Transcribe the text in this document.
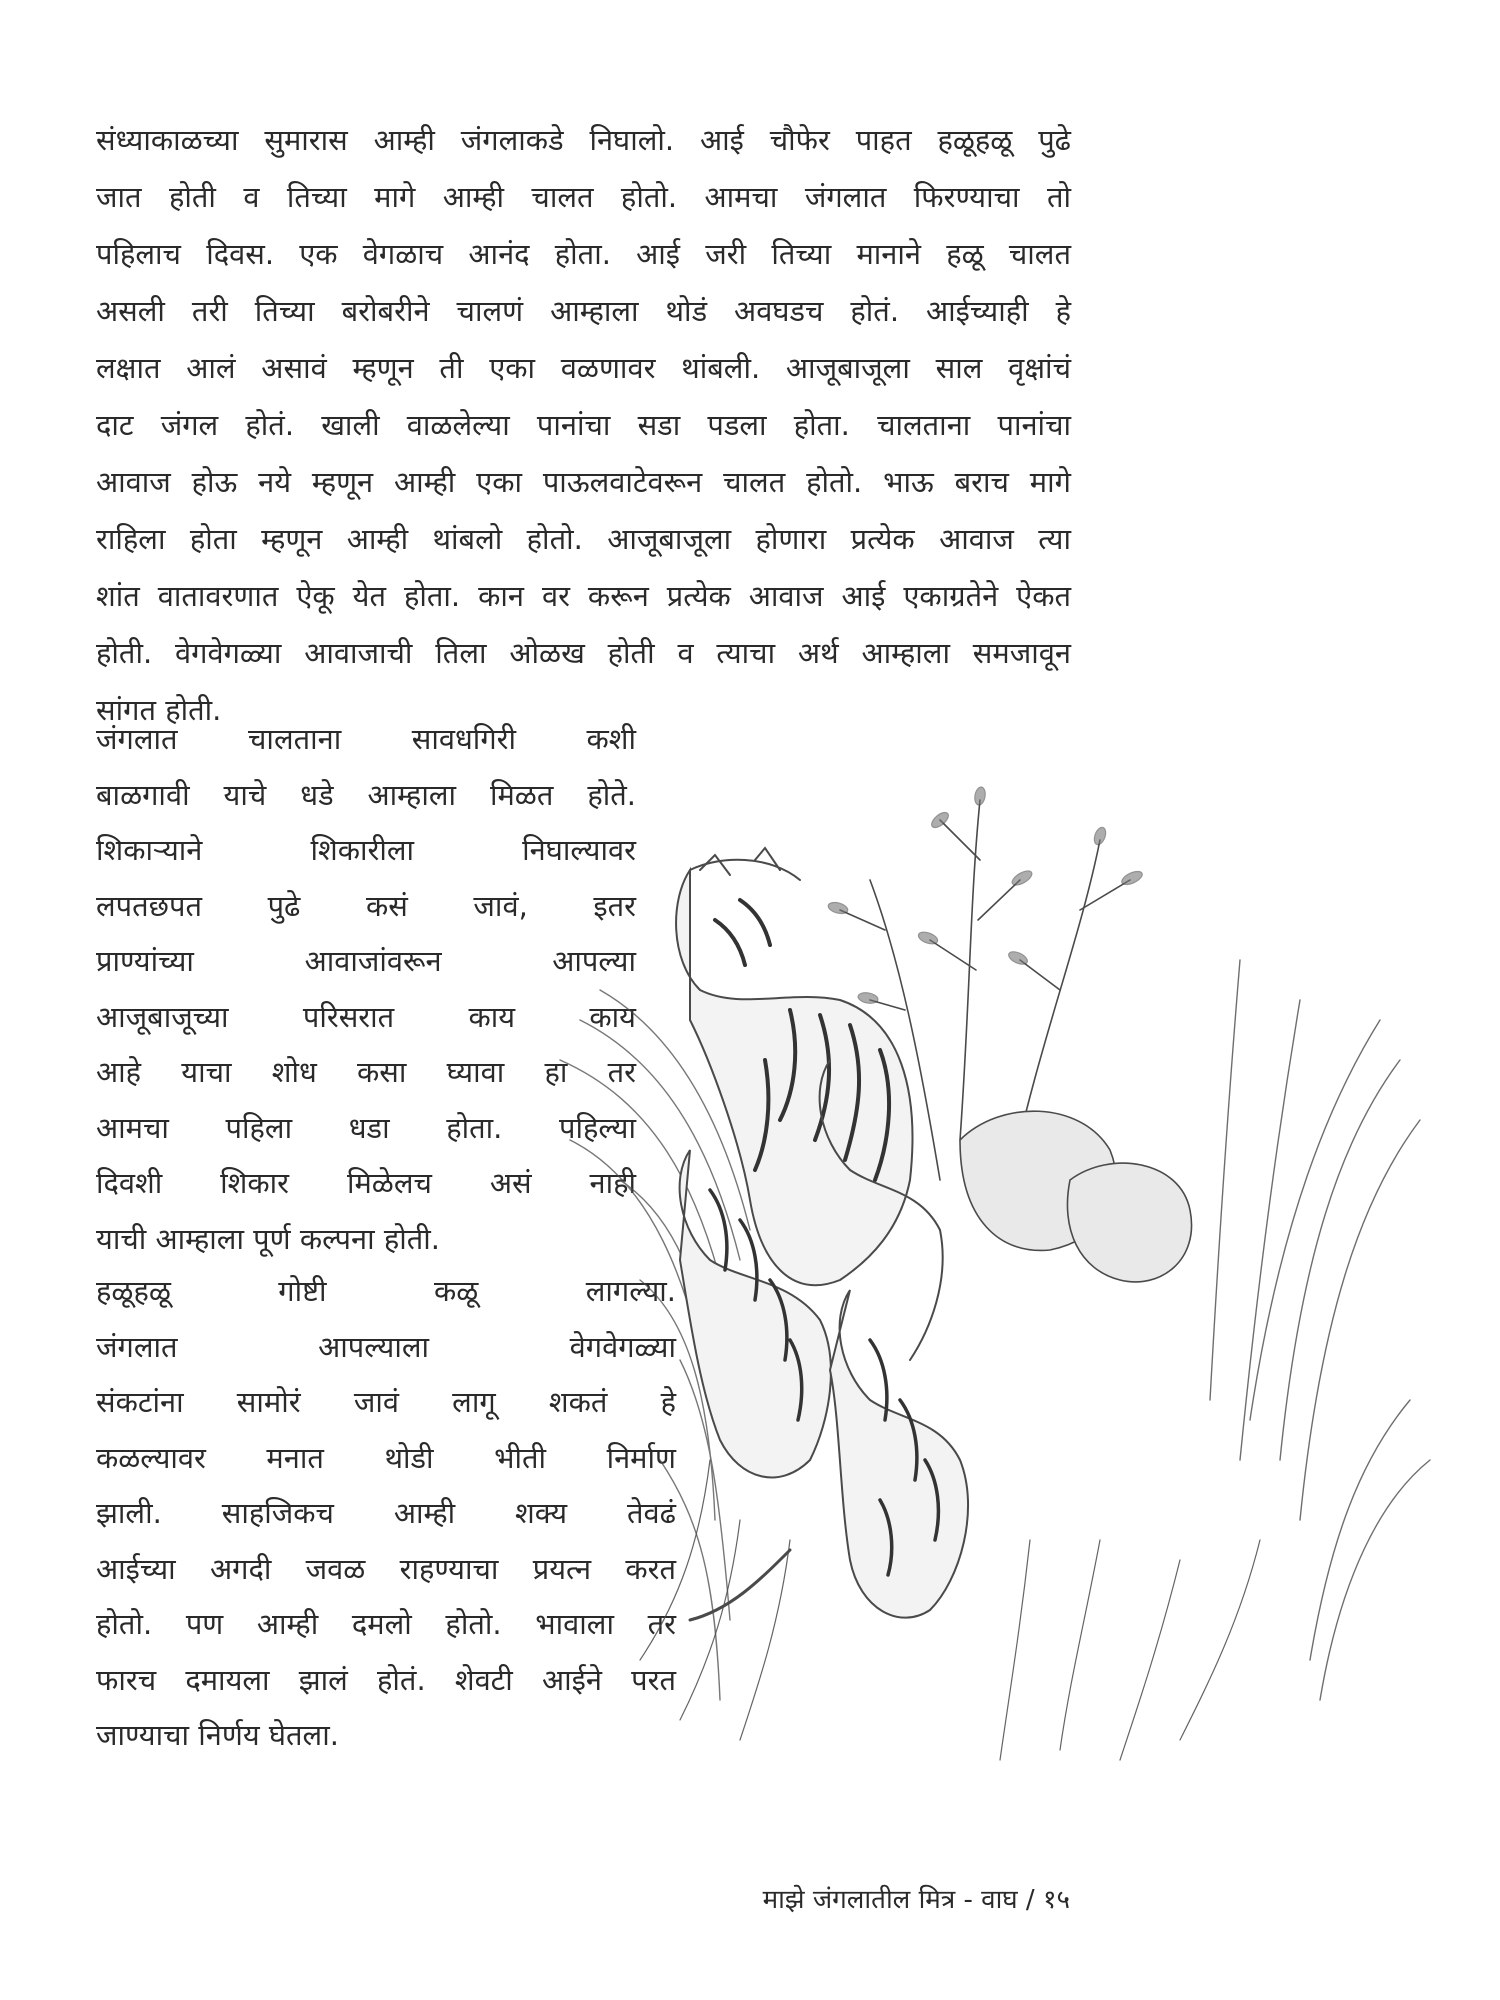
संध्याकाळच्या सुमारास आम्ही जंगलाकडे निघालो. आई चौफेर पाहत हळूहळू पुढे
जात होती व तिच्या मागे आम्ही चालत होतो. आमचा जंगलात फिरण्याचा तो
पहिलाच दिवस. एक वेगळाच आनंद होता. आई जरी तिच्या मानाने हळू चालत
असली तरी तिच्या बरोबरीने चालणं आम्हाला थोडं अवघडच होतं. आईच्याही हे
लक्षात आलं असावं म्हणून ती एका वळणावर थांबली. आजूबाजूला साल वृक्षांचं
दाट जंगल होतं. खाली वाळलेल्या पानांचा सडा पडला होता. चालताना पानांचा
आवाज होऊ नये म्हणून आम्ही एका पाऊलवाटेवरून चालत होतो. भाऊ बराच मागे
राहिला होता म्हणून आम्ही थांबलो होतो. आजूबाजूला होणारा प्रत्येक आवाज त्या
शांत वातावरणात ऐकू येत होता. कान वर करून प्रत्येक आवाज आई एकाग्रतेने ऐकत
होती. वेगवेगळ्या आवाजाची तिला ओळख होती व त्याचा अर्थ आम्हाला समजावून
सांगत होती.
जंगलात चालताना सावधगिरी कशी
बाळगावी याचे धडे आम्हाला मिळत होते.
शिकाऱ्याने शिकारीला निघाल्यावर
लपतछपत पुढे कसं जावं, इतर
प्राण्यांच्या आवाजांवरून आपल्या
आजूबाजूच्या परिसरात काय काय
आहे याचा शोध कसा घ्यावा हा तर
आमचा पहिला धडा होता. पहिल्या
दिवशी शिकार मिळेलच असं नाही
याची आम्हाला पूर्ण कल्पना होती.
हळूहळू गोष्टी कळू लागल्या.
जंगलात आपल्याला वेगवेगळ्या
संकटांना सामोरं जावं लागू शकतं हे
कळल्यावर मनात थोडी भीती निर्माण
झाली. साहजिकच आम्ही शक्य तेवढं
आईच्या अगदी जवळ राहण्याचा प्रयत्न करत
होतो. पण आम्ही दमलो होतो. भावाला तर
फारच दमायला झालं होतं. शेवटी आईने परत
जाण्याचा निर्णय घेतला.
माझे जंगलातील मित्र - वाघ / १५
